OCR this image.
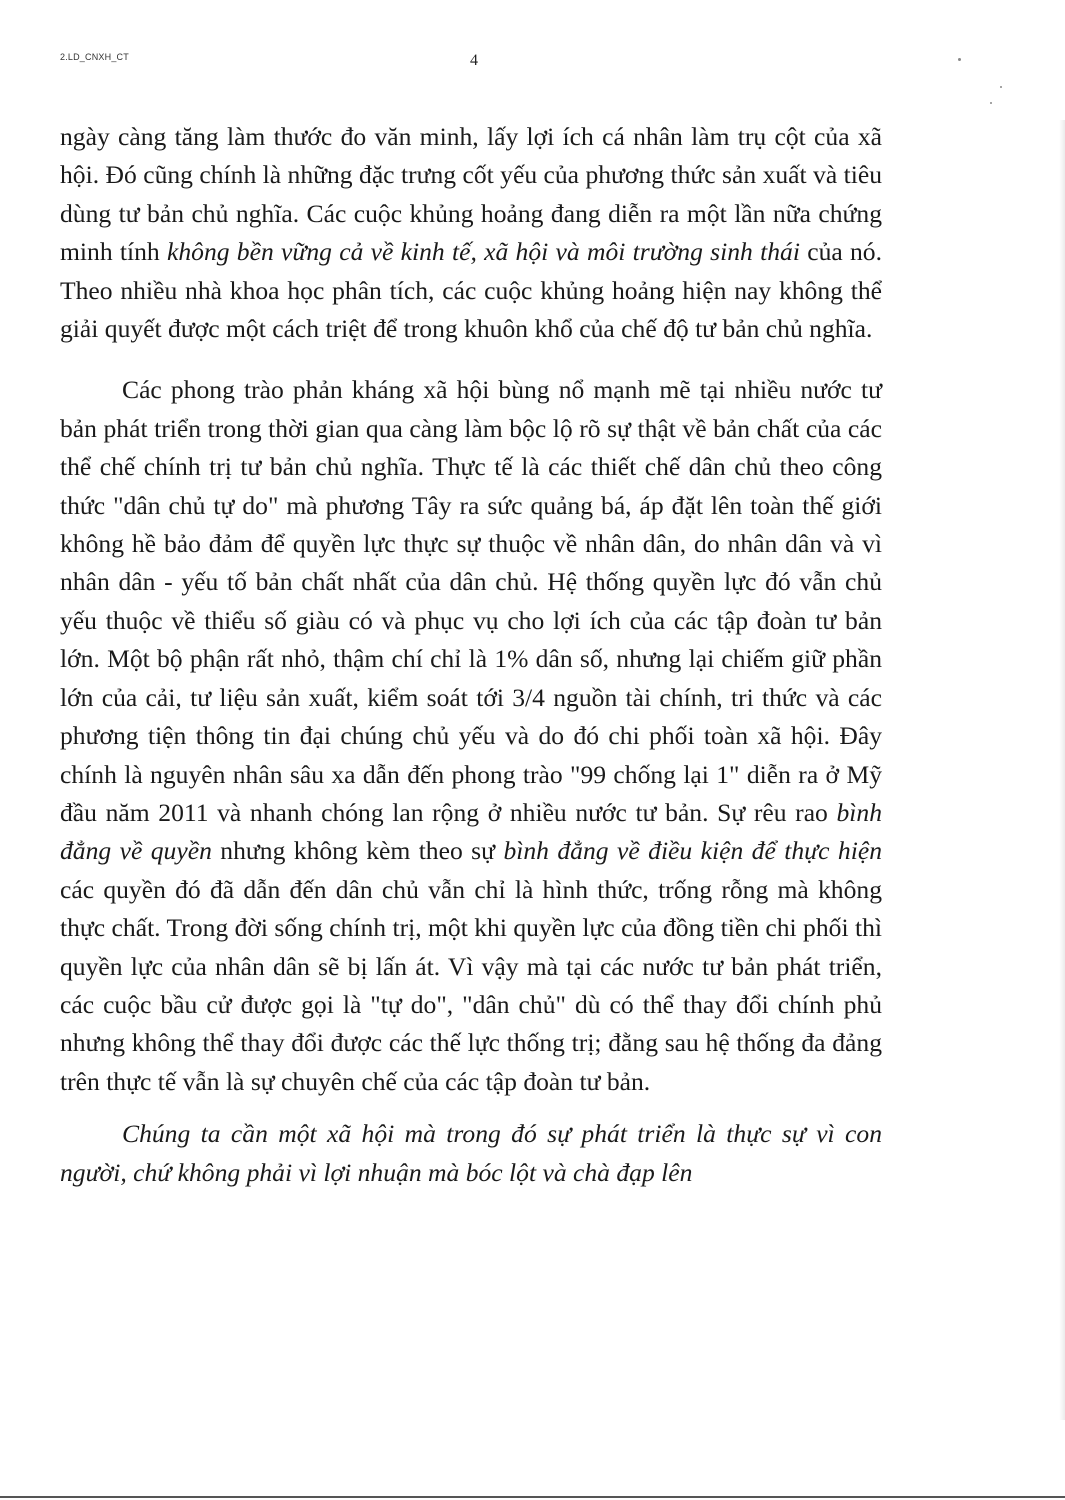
2.LD_CNXH_CT	4

ngày càng tăng làm thước đo văn minh, lấy lợi ích cá nhân làm trụ cột của xã hội. Đó cũng chính là những đặc trưng cốt yếu của phương thức sản xuất và tiêu dùng tư bản chủ nghĩa. Các cuộc khủng hoảng đang diễn ra một lần nữa chứng minh tính không bền vững cả về kinh tế, xã hội và môi trường sinh thái của nó. Theo nhiều nhà khoa học phân tích, các cuộc khủng hoảng hiện nay không thể giải quyết được một cách triệt để trong khuôn khổ của chế độ tư bản chủ nghĩa.

Các phong trào phản kháng xã hội bùng nổ mạnh mẽ tại nhiều nước tư bản phát triển trong thời gian qua càng làm bộc lộ rõ sự thật về bản chất của các thể chế chính trị tư bản chủ nghĩa. Thực tế là các thiết chế dân chủ theo công thức "dân chủ tự do" mà phương Tây ra sức quảng bá, áp đặt lên toàn thế giới không hề bảo đảm để quyền lực thực sự thuộc về nhân dân, do nhân dân và vì nhân dân - yếu tố bản chất nhất của dân chủ. Hệ thống quyền lực đó vẫn chủ yếu thuộc về thiểu số giàu có và phục vụ cho lợi ích của các tập đoàn tư bản lớn. Một bộ phận rất nhỏ, thậm chí chỉ là 1% dân số, nhưng lại chiếm giữ phần lớn của cải, tư liệu sản xuất, kiểm soát tới 3/4 nguồn tài chính, tri thức và các phương tiện thông tin đại chúng chủ yếu và do đó chi phối toàn xã hội. Đây chính là nguyên nhân sâu xa dẫn đến phong trào "99 chống lại 1" diễn ra ở Mỹ đầu năm 2011 và nhanh chóng lan rộng ở nhiều nước tư bản. Sự rêu rao bình đẳng về quyền nhưng không kèm theo sự bình đẳng về điều kiện để thực hiện các quyền đó đã dẫn đến dân chủ vẫn chỉ là hình thức, trống rỗng mà không thực chất. Trong đời sống chính trị, một khi quyền lực của đồng tiền chi phối thì quyền lực của nhân dân sẽ bị lấn át. Vì vậy mà tại các nước tư bản phát triển, các cuộc bầu cử được gọi là "tự do", "dân chủ" dù có thể thay đổi chính phủ nhưng không thể thay đổi được các thế lực thống trị; đằng sau hệ thống đa đảng trên thực tế vẫn là sự chuyên chế của các tập đoàn tư bản.

Chúng ta cần một xã hội mà trong đó sự phát triển là thực sự vì con người, chứ không phải vì lợi nhuận mà bóc lột và chà đạp lên
